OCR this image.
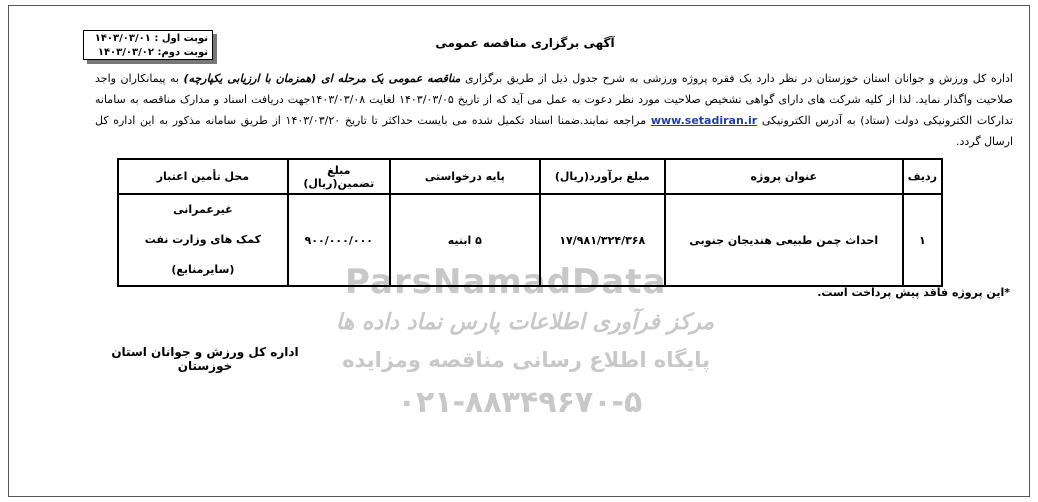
نوبت اول : ۱۴۰۳/۰۳/۰۱
نوبت دوم: ۱۴۰۳/۰۳/۰۲
آگهی برگزاری مناقصه عمومی
اداره کل ورزش و جوانان استان خوزستان در نظر دارد یک فقره پروژه ورزشی به شرح جدول ذیل از طریق برگزاری مناقصه عمومی یک مرحله ای (همزمان با ارزیابی یکپارچه) به پیمانکاران واجد صلاحیت واگذار نماید. لذا از کلیه شرکت های دارای گواهی تشخیص صلاحیت مورد نظر دعوت به عمل می آید که از تاریخ ۱۴۰۳/۰۳/۰۵ لغایت ۱۴۰۳/۰۳/۰۸جهت دریافت اسناد و مدارک مناقصه به سامانه تدارکات الکترونیکی دولت (ستاد) به آدرس الکترونیکی www.setadiran.ir مراجعه نمایند.ضمنا اسناد تکمیل شده می بایست حداکثر تا تاریخ ۱۴۰۳/۰۳/۲۰ از طریق سامانه مذکور به این اداره کل ارسال گردد.
ParsNamadData
مرکز فرآوری اطلاعات پارس نماد داده ها
پایگاه اطلاع رسانی مناقصه ومزایده
۰۲۱-۸۸۳۴۹۶۷۰-۵
ردیف	عنوان پروژه	مبلغ برآورد(ریال)	پایه درخواستی	مبلغ تضمین(ریال)	محل تأمین اعتبار
۱	احداث چمن طبیعی هندیجان جنوبی	۱۷/۹۸۱/۳۲۴/۳۶۸	۵ ابنیه	۹۰۰/۰۰۰/۰۰۰	غیرعمرانی
کمک های وزارت نفت (سایرمنابع)
*این پروژه فاقد پیش پرداخت است.
اداره کل ورزش و جوانان استان خوزستان
